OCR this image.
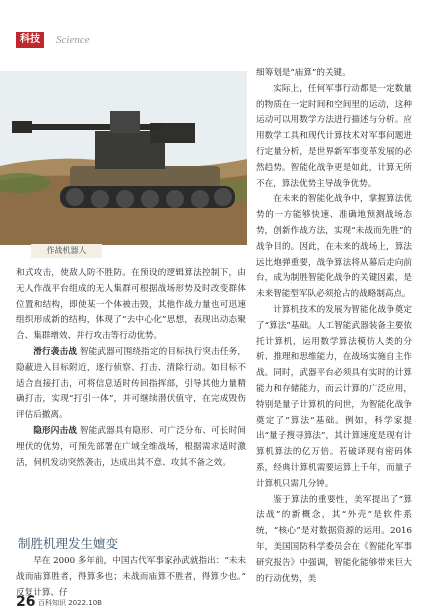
科技	Science
作战机器人

和式攻击，使敌人防不胜防。在预设的逻辑算法控制下，由无人作战平台组成的无人集群可根据战场形势及时改变群体位置和结构，即使某一个体被击毁，其他作战力量也可迅速组织形成新的结构，体现了“去中心化”思想，表现出动态聚合、集群增效、并行攻击等行动优势。

滑行袭击战 智能武器可围绕指定的目标执行突击任务，隐蔽进入目标附近，逐行侦察、打击、清除行动。如目标不适合直接打击，可将信息适时传回指挥部，引导其他力量精确打击，实现“打引一体”，并可继续潜伏值守，在完成毁伤评估后撤离。

隐形闪击战 智能武器具有隐形、可广泛分布、可长时间埋伏的优势，可预先部署在广域全维战场，根据需求适时激活，伺机发动突然袭击，达成出其不意、攻其不备之效。

制胜机理发生嬗变

早在 2000 多年前，中国古代军事家孙武就指出：“未未战而庙算胜者，得算多也；未战而庙算不胜者，得算少也。” 反复计算、仔

细筹划是“庙算”的关键。

实际上，任何军事行动都是一定数量的物质在一定时间和空间里的运动，这种运动可以用数学方法进行描述与分析。应用数学工具和现代计算技术对军事问题进行定量分析，是世界新军事变革发展的必然趋势。智能化战争更是如此，计算无所不在，算法优势主导战争优势。

在未来的智能化战争中，掌握算法优势的一方能够快速、准确地预测战场态势，创新作战方法，实现“未战而先胜”的战争目的。因此，在未来的战场上，算法远比炮弹重要，战争算法将从幕后走向前台，成为制胜智能化战争的关键因素，是未来智能型军队必须抢占的战略制高点。

计算机技术的发展为智能化战争奠定了“算法”基础。人工智能武器装备主要依托计算机，运用数学算法模仿人类的分析、推理和思维能力，在战场实施自主作战。同时，武器平台必须具有实时的计算能力和存储能力，而云计算的广泛应用，特别是量子计算机的问世，为智能化战争奠定了“算法”基础。例如，科学家提出“量子搜寻算法”，其计算速度是现有计算机算法的亿万倍。若破译现有密码体系，经典计算机需要运算上千年，而量子计算机只需几分钟。

鉴于算法的重要性，美军提出了“算法战”的新概念，其“外壳”是软件系统，“核心”是对数据资源的运用。2016 年，美国国防科学委员会在《智能化军事研究报告》中强调，智能化能够带来巨大的行动优势，美

26 百科知识 2022.10B
